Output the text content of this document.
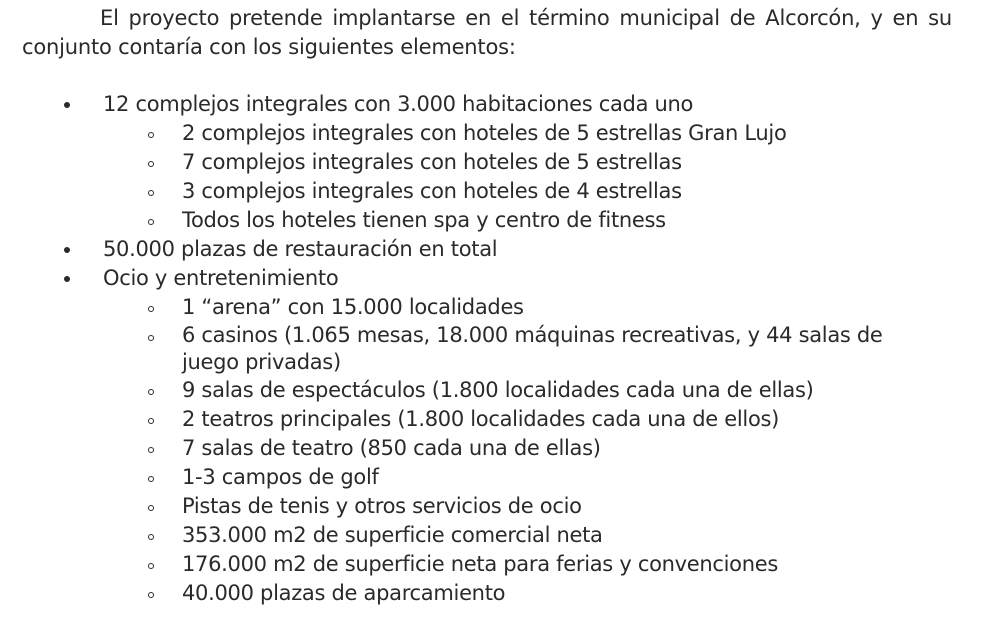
El proyecto pretende implantarse en el término municipal de Alcorcón, y en su conjunto contaría con los siguientes elementos:

12 complejos integrales con 3.000 habitaciones cada uno
2 complejos integrales con hoteles de 5 estrellas Gran Lujo
7 complejos integrales con hoteles de 5 estrellas
3 complejos integrales con hoteles de 4 estrellas
Todos los hoteles tienen spa y centro de fitness
50.000 plazas de restauración en total
Ocio y entretenimiento
1 “arena” con 15.000 localidades
6 casinos (1.065 mesas, 18.000 máquinas recreativas, y 44 salas de
juego privadas)
9 salas de espectáculos (1.800 localidades cada una de ellas)
2 teatros principales (1.800 localidades cada una de ellos)
7 salas de teatro (850 cada una de ellas)
1-3 campos de golf
Pistas de tenis y otros servicios de ocio
353.000 m2 de superficie comercial neta
176.000 m2 de superficie neta para ferias y convenciones
40.000 plazas de aparcamiento
